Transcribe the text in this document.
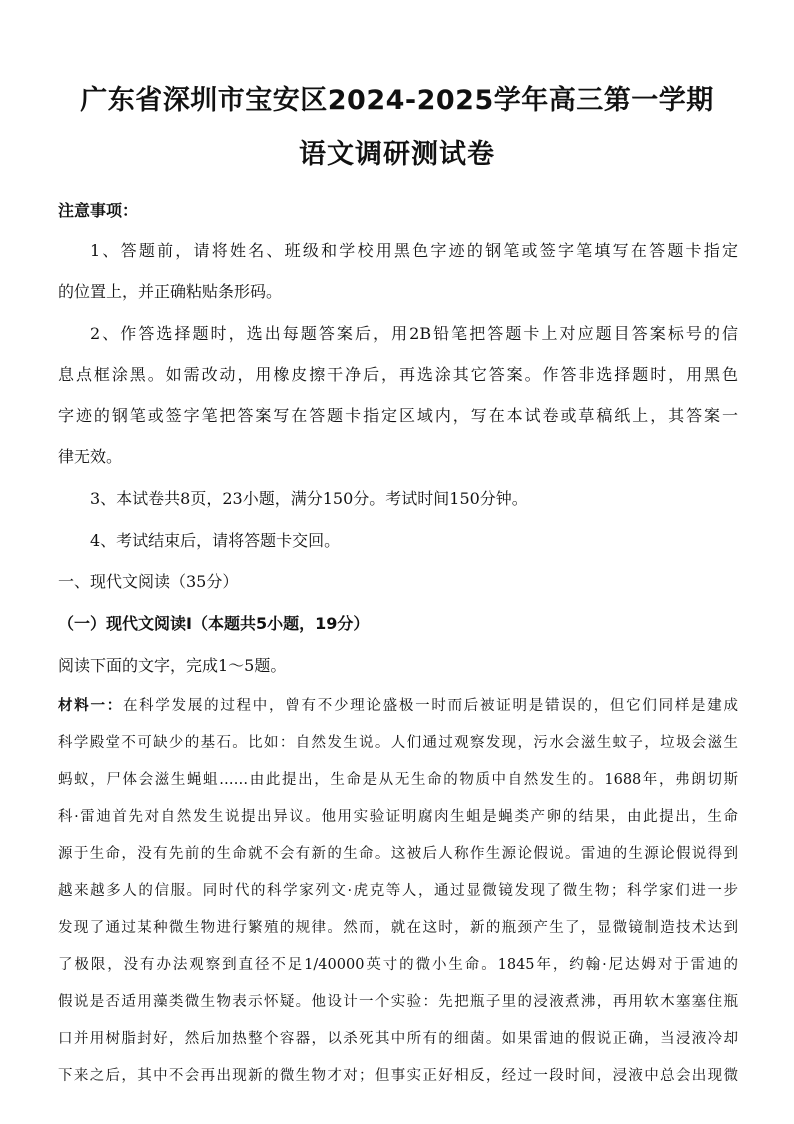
广东省深圳市宝安区2024-2025学年高三第一学期
语文调研测试卷
注意事项：
1、答题前，请将姓名、班级和学校用黑色字迹的钢笔或签字笔填写在答题卡指定
的位置上，并正确粘贴条形码。
2、作答选择题时，选出每题答案后，用2B铅笔把答题卡上对应题目答案标号的信
息点框涂黑。如需改动，用橡皮擦干净后，再选涂其它答案。作答非选择题时，用黑色
字迹的钢笔或签字笔把答案写在答题卡指定区域内，写在本试卷或草稿纸上，其答案一
律无效。
3、本试卷共8页，23小题，满分150分。考试时间150分钟。
4、考试结束后，请将答题卡交回。
一、现代文阅读（35分）
（一）现代文阅读Ⅰ（本题共5小题，19分）
阅读下面的文字，完成1～5题。
材料一：在科学发展的过程中，曾有不少理论盛极一时而后被证明是错误的，但它们同样是建成
科学殿堂不可缺少的基石。比如：自然发生说。人们通过观察发现，污水会滋生蚊子，垃圾会滋生
蚂蚁，尸体会滋生蝇蛆……由此提出，生命是从无生命的物质中自然发生的。1688年，弗朗切斯
科·雷迪首先对自然发生说提出异议。他用实验证明腐肉生蛆是蝇类产卵的结果，由此提出，生命
源于生命，没有先前的生命就不会有新的生命。这被后人称作生源论假说。雷迪的生源论假说得到
越来越多人的信服。同时代的科学家列文·虎克等人，通过显微镜发现了微生物；科学家们进一步
发现了通过某种微生物进行繁殖的规律。然而，就在这时，新的瓶颈产生了，显微镜制造技术达到
了极限，没有办法观察到直径不足1/40000英寸的微小生命。1845年，约翰·尼达姆对于雷迪的
假说是否适用藻类微生物表示怀疑。他设计一个实验：先把瓶子里的浸液煮沸，再用软木塞塞住瓶
口并用树脂封好，然后加热整个容器，以杀死其中所有的细菌。如果雷迪的假说正确，当浸液冷却
下来之后，其中不会再出现新的微生物才对；但事实正好相反，经过一段时间，浸液中总会出现微
